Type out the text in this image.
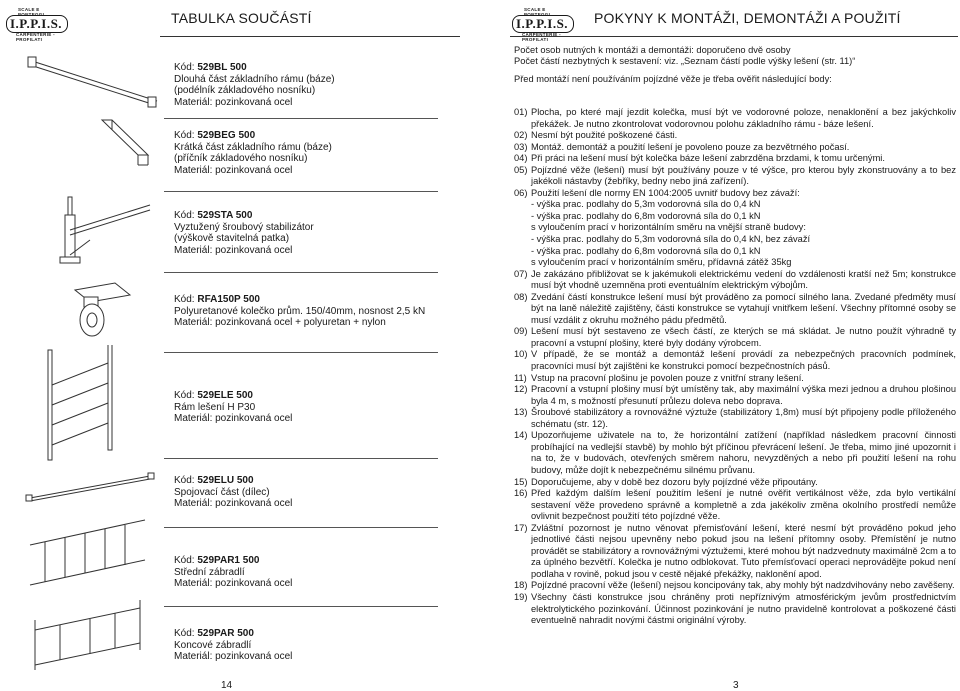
SCALE E
I.P.P.I.S.
CARPENTERIE - PROFILATI
TABULKA SOUČÁSTÍ
Kód: 529BL 500
Dlouhá část základního rámu (báze)
(podélník základového nosníku)
Materiál: pozinkovaná ocel
Kód: 529BEG 500
Krátká část základního rámu (báze)
(příčník základového nosníku)
Materiál: pozinkovaná ocel
Kód: 529STA 500
Vyztužený šroubový stabilizátor
(výškově stavitelná patka)
Materiál: pozinkovaná ocel
Kód: RFA150P 500
Polyuretanové kolečko prům. 150/40mm, nosnost 2,5 kN
Materiál: pozinkovaná ocel + polyuretan + nylon
Kód: 529ELE 500
Rám lešení H P30
Materiál: pozinkovaná ocel
Kód: 529ELU 500
Spojovací část (dílec)
Materiál: pozinkovaná ocel
Kód: 529PAR1 500
Střední zábradlí
Materiál: pozinkovaná ocel
Kód: 529PAR 500
Koncové zábradlí
Materiál: pozinkovaná ocel
14
SCALE E
I.P.P.I.S.
CARPENTERIE - PROFILATI
POKYNY K MONTÁŽI, DEMONTÁŽI A POUŽITÍ
Počet osob nutných k montáži a demontáži: doporučeno dvě osoby
Počet částí nezbytných k sestavení: viz. „Seznam částí podle výšky lešení (str. 11)“
Před montáží není používáním pojízdné věže je třeba ověřit následující body:
01) Plocha, po které mají jezdit kolečka, musí být ve vodorovné poloze, nenaklonění a bez jakýchkoliv překážek. Je nutno zkontrolovat vodorovnou polohu základního rámu - báze lešení.
02) Nesmí být použité poškozené části.
03) Montáž. demontáž a použití lešení je povoleno pouze za bezvětrného počasí.
04) Při práci na lešení musí být kolečka báze lešení zabrzděna brzdami, k tomu určenými.
05) Pojízdné věže (lešení) musí být používány pouze v té výšce, pro kterou byly zkonstruovány a to bez jakékoli nástavby (žebříky, bedny nebo jiná zařízení).
06) Použití lešení dle normy EN 1004:2005 uvnitř budovy bez závaží:
- výška prac. podlahy do 5,3m vodorovná síla do 0,4 kN
- výška prac. podlahy do 6,8m vodorovná síla do 0,1 kN
s vyloučením prací v horizontálním směru na vnější straně budovy:
- výška prac. podlahy do 5,3m vodorovná síla do 0,4 kN, bez závaží
- výška prac. podlahy do 6,8m vodorovná síla do 0,1 kN
s vyloučením prací v horizontálním směru, přídavná zátěž 35kg
07) Je zakázáno přibližovat se k jakémukoli elektrickému vedení do vzdálenosti kratší než 5m; konstrukce musí být vhodně uzemněna proti eventuálním elektrickým výbojům.
08) Zvedání částí konstrukce lešení musí být prováděno za pomocí silného lana. Zvedané předměty musí být na laně náležitě zajištěny, části konstrukce se vytahují vnitřkem lešení. Všechny přítomné osoby se musí vzdálit z okruhu možného pádu předmětů.
09) Lešení musí být sestaveno ze všech částí, ze kterých se má skládat. Je nutno použít výhradně ty pracovní a vstupní plošiny, které byly dodány výrobcem.
10) V případě, že se montáž a demontáž lešení provádí za nebezpečných pracovních podmínek, pracovníci musí být zajištěni ke konstrukci pomocí bezpečnostních pásů.
11) Vstup na pracovní plošinu je povolen pouze z vnitřní strany lešení.
12) Pracovní a vstupní plošiny musí být umístěny tak, aby maximální výška mezi jednou a druhou plošinou byla 4 m, s možností přesunutí průlezu doleva nebo doprava.
13) Šroubové stabilizátory a rovnovážné výztuže (stabilizátory 1,8m) musí být připojeny podle příloženého schématu (str. 12).
14) Upozorňujeme uživatele na to, že horizontální zatížení (například následkem pracovní činnosti probíhající na vedlejší stavbě) by mohlo být příčinou převrácení lešení. Je třeba, mimo jiné upozornit i na to, že v budovách, otevřených směrem nahoru, nevyzděných a nebo při použití lešení na rohu budovy, může dojít k nebezpečnému silnému průvanu.
15) Doporučujeme, aby v době bez dozoru byly pojízdné věže připoutány.
16) Před každým dalším lešení použitím lešení je nutné ověřit vertikálnost věže, zda bylo vertikální sestavení věže provedeno správně a kompletně a zda jakékoliv změna okolního prostředí nemůže ovlivnit bezpečnost použití této pojízdné věže.
17) Zvláštní pozornost je nutno věnovat přemisťování lešení, které nesmí být prováděno pokud jeho jednotlivé části nejsou upevněny nebo pokud jsou na lešení přítomny osoby. Přemístění je nutno provádět se stabilizátory a rovnovážnými výztužemi, které mohou být nadzvednuty maximálně 2cm a to za úplného bezvětří. Kolečka je nutno odblokovat. Tuto přemísťovací operaci neprovádějte pokud není podlaha v rovině, pokud jsou v cestě nějaké překážky, naklonění apod.
18) Pojízdné pracovní věže (lešení) nejsou koncipovány tak, aby mohly být nadzdvihovány nebo zavěšeny.
19) Všechny části konstrukce jsou chráněny proti nepříznivým atmosférickým jevům prostřednictvím elektrolytického pozinkování. Účinnost pozinkování je nutno pravidelně kontrolovat a poškozené části eventuelně nahradit novými částmi originální výroby.
3
